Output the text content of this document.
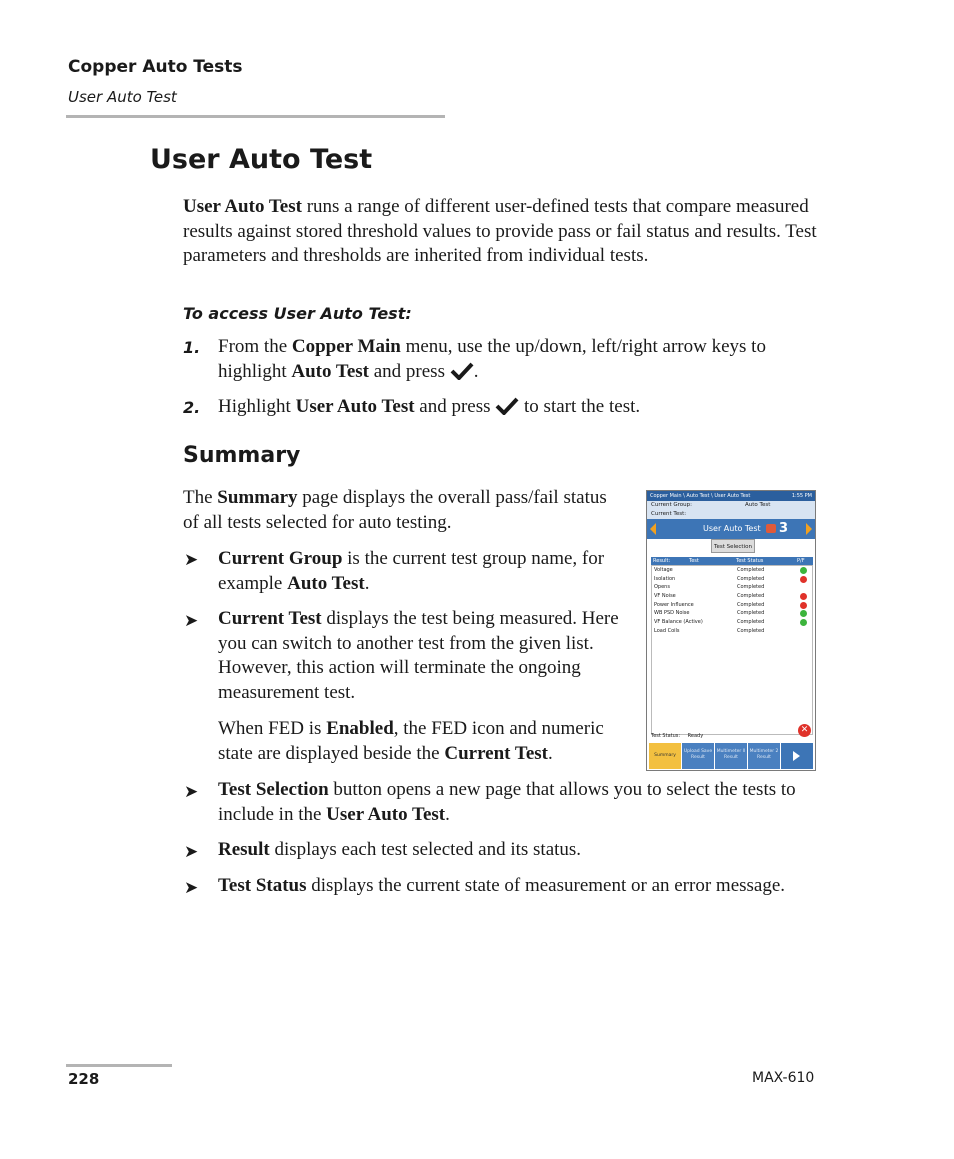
Copper Auto Tests
User Auto Test
User Auto Test
User Auto Test runs a range of different user-defined tests that compare measured results against stored threshold values to provide pass or fail status and results. Test parameters and thresholds are inherited from individual tests.
To access User Auto Test:
1. From the Copper Main menu, use the up/down, left/right arrow keys to highlight Auto Test and press .
2. Highlight User Auto Test and press  to start the test.
Summary
The Summary page displays the overall pass/fail status of all tests selected for auto testing.
➤ Current Group is the current test group name, for example Auto Test.
➤ Current Test displays the test being measured. Here you can switch to another test from the given list. However, this action will terminate the ongoing measurement test.
When FED is Enabled, the FED icon and numeric state are displayed beside the Current Test.
➤ Test Selection button opens a new page that allows you to select the tests to include in the User Auto Test.
➤ Result displays each test selected and its status.
➤ Test Status displays the current state of measurement or an error message.
Copper Main \ Auto Test \ User Auto Test	1:55 PM
Current Group:	Auto Test
Current Test:
User Auto Test 3
Test Selection
Result:	Test	Test Status	P/F
Voltage	Completed
Isolation	Completed
Opens	Completed
VF Noise	Completed
Power Influence	Completed
WB PSD Noise	Completed
VF Balance (Active)	Completed
Load Coils	Completed
✕
Test Status: Ready
Summary
Upload Save Result
Multimeter II Result
Multimeter 2 Result
228	MAX-610
